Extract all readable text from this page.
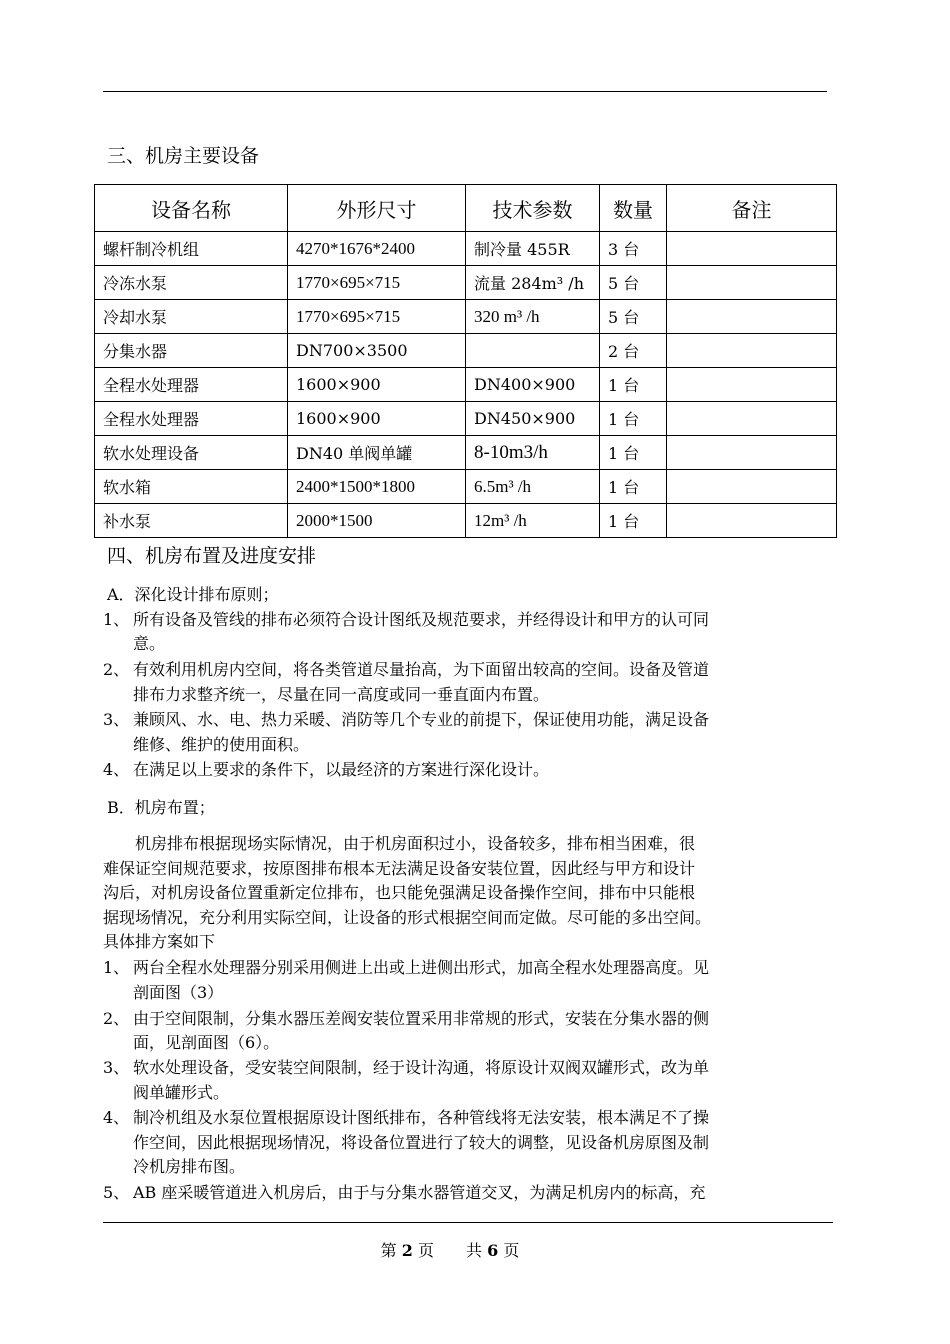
三、机房主要设备
设备名称	外形尺寸	技术参数	数量	备注
螺杆制冷机组	4270*1676*2400	制冷量 455R	3 台	
冷冻水泵	1770×695×715	流量 284m³ /h	5 台	
冷却水泵	1770×695×715	320 m³ /h	5 台	
分集水器	DN700×3500		2 台	
全程水处理器	1600×900	DN400×900	1 台	
全程水处理器	1600×900	DN450×900	1 台	
软水处理设备	DN40 单阀单罐	8-10m3/h	1 台	
软水箱	2400*1500*1800	6.5m³ /h	1 台	
补水泵	2000*1500	12m³ /h	1 台	
四、机房布置及进度安排
A．深化设计排布原则；
1、 所有设备及管线的排布必须符合设计图纸及规范要求，并经得设计和甲方的认可同
意。
2、 有效利用机房内空间，将各类管道尽量抬高，为下面留出较高的空间。设备及管道
排布力求整齐统一，尽量在同一高度或同一垂直面内布置。
3、 兼顾风、水、电、热力采暖、消防等几个专业的前提下，保证使用功能，满足设备
维修、维护的使用面积。
4、 在满足以上要求的条件下，以最经济的方案进行深化设计。
B．机房布置；
　　机房排布根据现场实际情况，由于机房面积过小，设备较多，排布相当困难，很
难保证空间规范要求，按原图排布根本无法满足设备安装位置，因此经与甲方和设计
沟后，对机房设备位置重新定位排布，也只能免强满足设备操作空间，排布中只能根
据现场情况，充分利用实际空间，让设备的形式根据空间而定做。尽可能的多出空间。
具体排方案如下
1、 两台全程水处理器分别采用侧进上出或上进侧出形式，加高全程水处理器高度。见
剖面图（3）
2、 由于空间限制，分集水器压差阀安装位置采用非常规的形式，安装在分集水器的侧
面，见剖面图（6）。
3、 软水处理设备，受安装空间限制，经于设计沟通，将原设计双阀双罐形式，改为单
阀单罐形式。
4、 制冷机组及水泵位置根据原设计图纸排布，各种管线将无法安装，根本满足不了操
作空间，因此根据现场情况，将设备位置进行了较大的调整，见设备机房原图及制
冷机房排布图。
5、 AB 座采暖管道进入机房后，由于与分集水器管道交叉，为满足机房内的标高，充
第 2 页　　共 6 页
